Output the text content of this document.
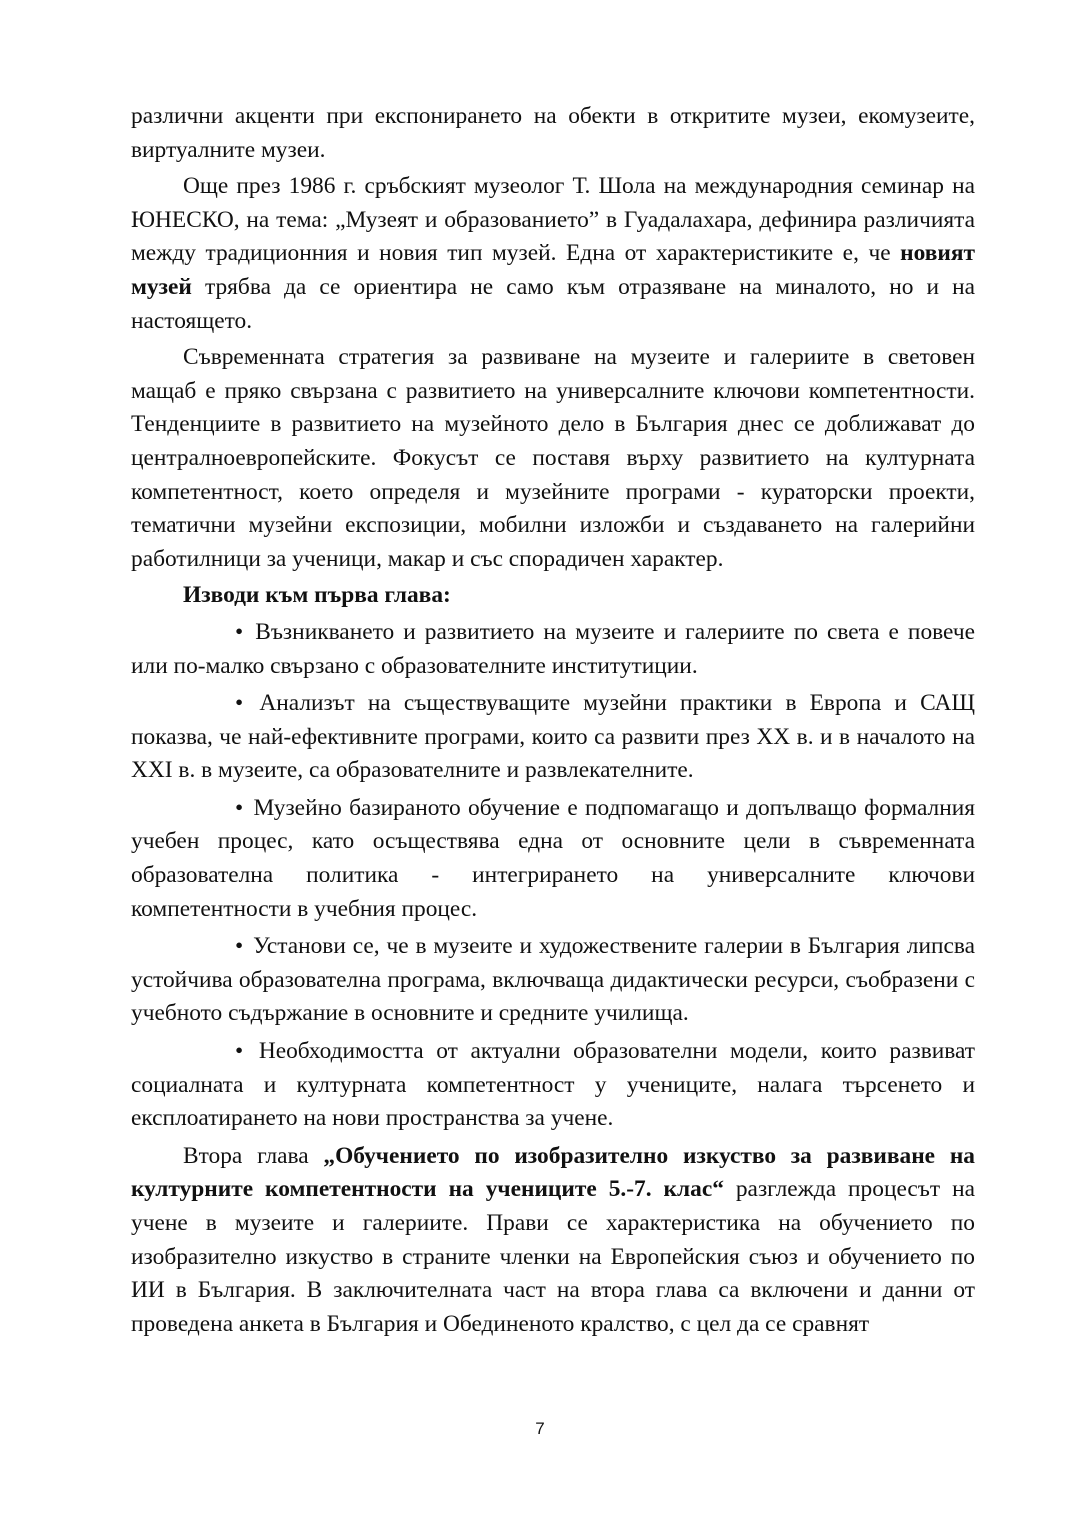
различни акценти при експонирането на обекти в откритите музеи, екомузеите, виртуалните музеи.

Още през 1986 г. сръбският музеолог Т. Шола на международния семинар на ЮНЕСКО, на тема: „Музеят и образованието” в Гуадалахара, дефинира различията между традиционния и новия тип музей. Една от характеристиките е, че новият музей трябва да се ориентира не само към отразяване на миналото, но и на настоящето.

Съвременната стратегия за развиване на музеите и галериите в световен мащаб е пряко свързана с развитието на универсалните ключови компетентности. Тенденциите в развитието на музейното дело в България днес се доближават до централноевропейските. Фокусът се поставя върху развитието на културната компетентност, което определя и музейните програми - кураторски проекти, тематични музейни експозиции, мобилни изложби и създаването на галерийни работилници за ученици, макар и със спорадичен характер.

Изводи към първа глава:

• Възникването и развитието на музеите и галериите по света е повече или по-малко свързано с образователните институтиции.

• Анализът на съществуващите музейни практики в Европа и САЩ показва, че най-ефективните програми, които са развити през XX в. и в началото на XXI в. в музеите, са образователните и развлекателните.

• Музейно базираното обучение е подпомагащо и допълващо формалния учебен процес, като осъществява една от основните цели в съвременната образователна политика - интегрирането на универсалните ключови компетентности в учебния процес.

• Установи се, че в музеите и художествените галерии в България липсва устойчива образователна програма, включваща дидактически ресурси, съобразени с учебното съдържание в основните и средните училища.

• Необходимостта от актуални образователни модели, които развиват социалната и културната компетентност у учениците, налага търсенето и експлоатирането на нови пространства за учене.

Втора глава „Обучението по изобразително изкуство за развиване на културните компетентности на учениците 5.-7. клас“ разглежда процесът на учене в музеите и галериите. Прави се характеристика на обучението по изобразително изкуство в страните членки на Европейския съюз и обучението по ИИ в България. В заключителната част на втора глава са включени и данни от проведена анкета в България и Обединеното кралство, с цел да се сравнят

7
